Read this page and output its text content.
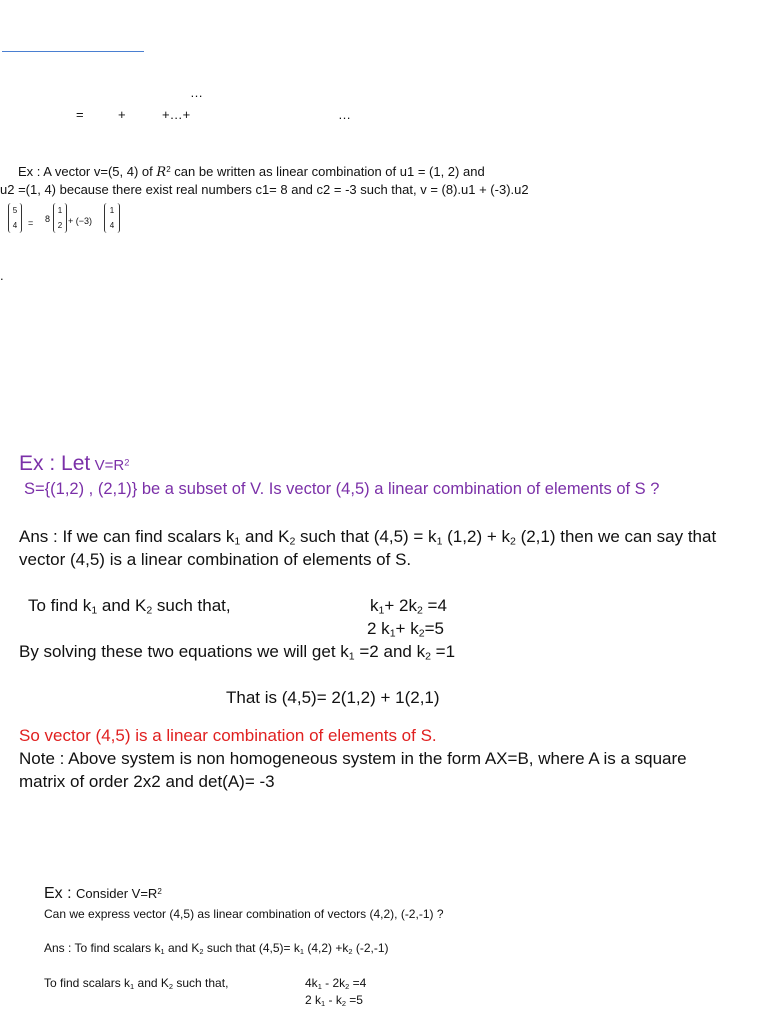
…
=	+	+…+	…
Ex : A vector v=(5, 4) of $R^2$ can be written as linear combination of u1 = (1, 2) and
u2 =(1, 4) because there exist real numbers c1= 8 and c2 = -3 such that, v = (8).u1 + (-3).u2
5
4	= 8
1
2 + (−3)
1
4
.
Ex : Let $V=R^2$
S={(1,2) , (2,1)} be a subset of V. Is vector (4,5) a linear combination of elements of S ?
Ans : If we can find scalars $k_1$ and $K_2$ such that $(4,5) = k_1$ $(1,2) + k_2$ (2,1) then we can say that
vector (4,5) is a linear combination of elements of S.
To find $k_1$ and $K_2$ such that,	$k_1+ 2k_2 =4$
2 $k_1+ k_2=5$
By solving these two equations we will get $k_1 =2$ and $k_2 =1$
That is (4,5)= 2(1,2) + 1(2,1)
So vector (4,5) is a linear combination of elements of S.
Note : Above system is non homogeneous system in the form AX=B, where A is a square
matrix of order 2x2 and det(A)= -3
Ex : Consider $V=R^2$
Can we express vector (4,5) as linear combination of vectors (4,2), (-2,-1) ?
Ans : To find scalars $k_1$ and $K_2$ such that $(4,5)= k_1$ $(4,2) +k_2$ (-2,-1)
To find scalars $k_1$ and $K_2$ such that,	$4k_1 - 2k_2 =4$
2 $k_1 - k_2 =5$
